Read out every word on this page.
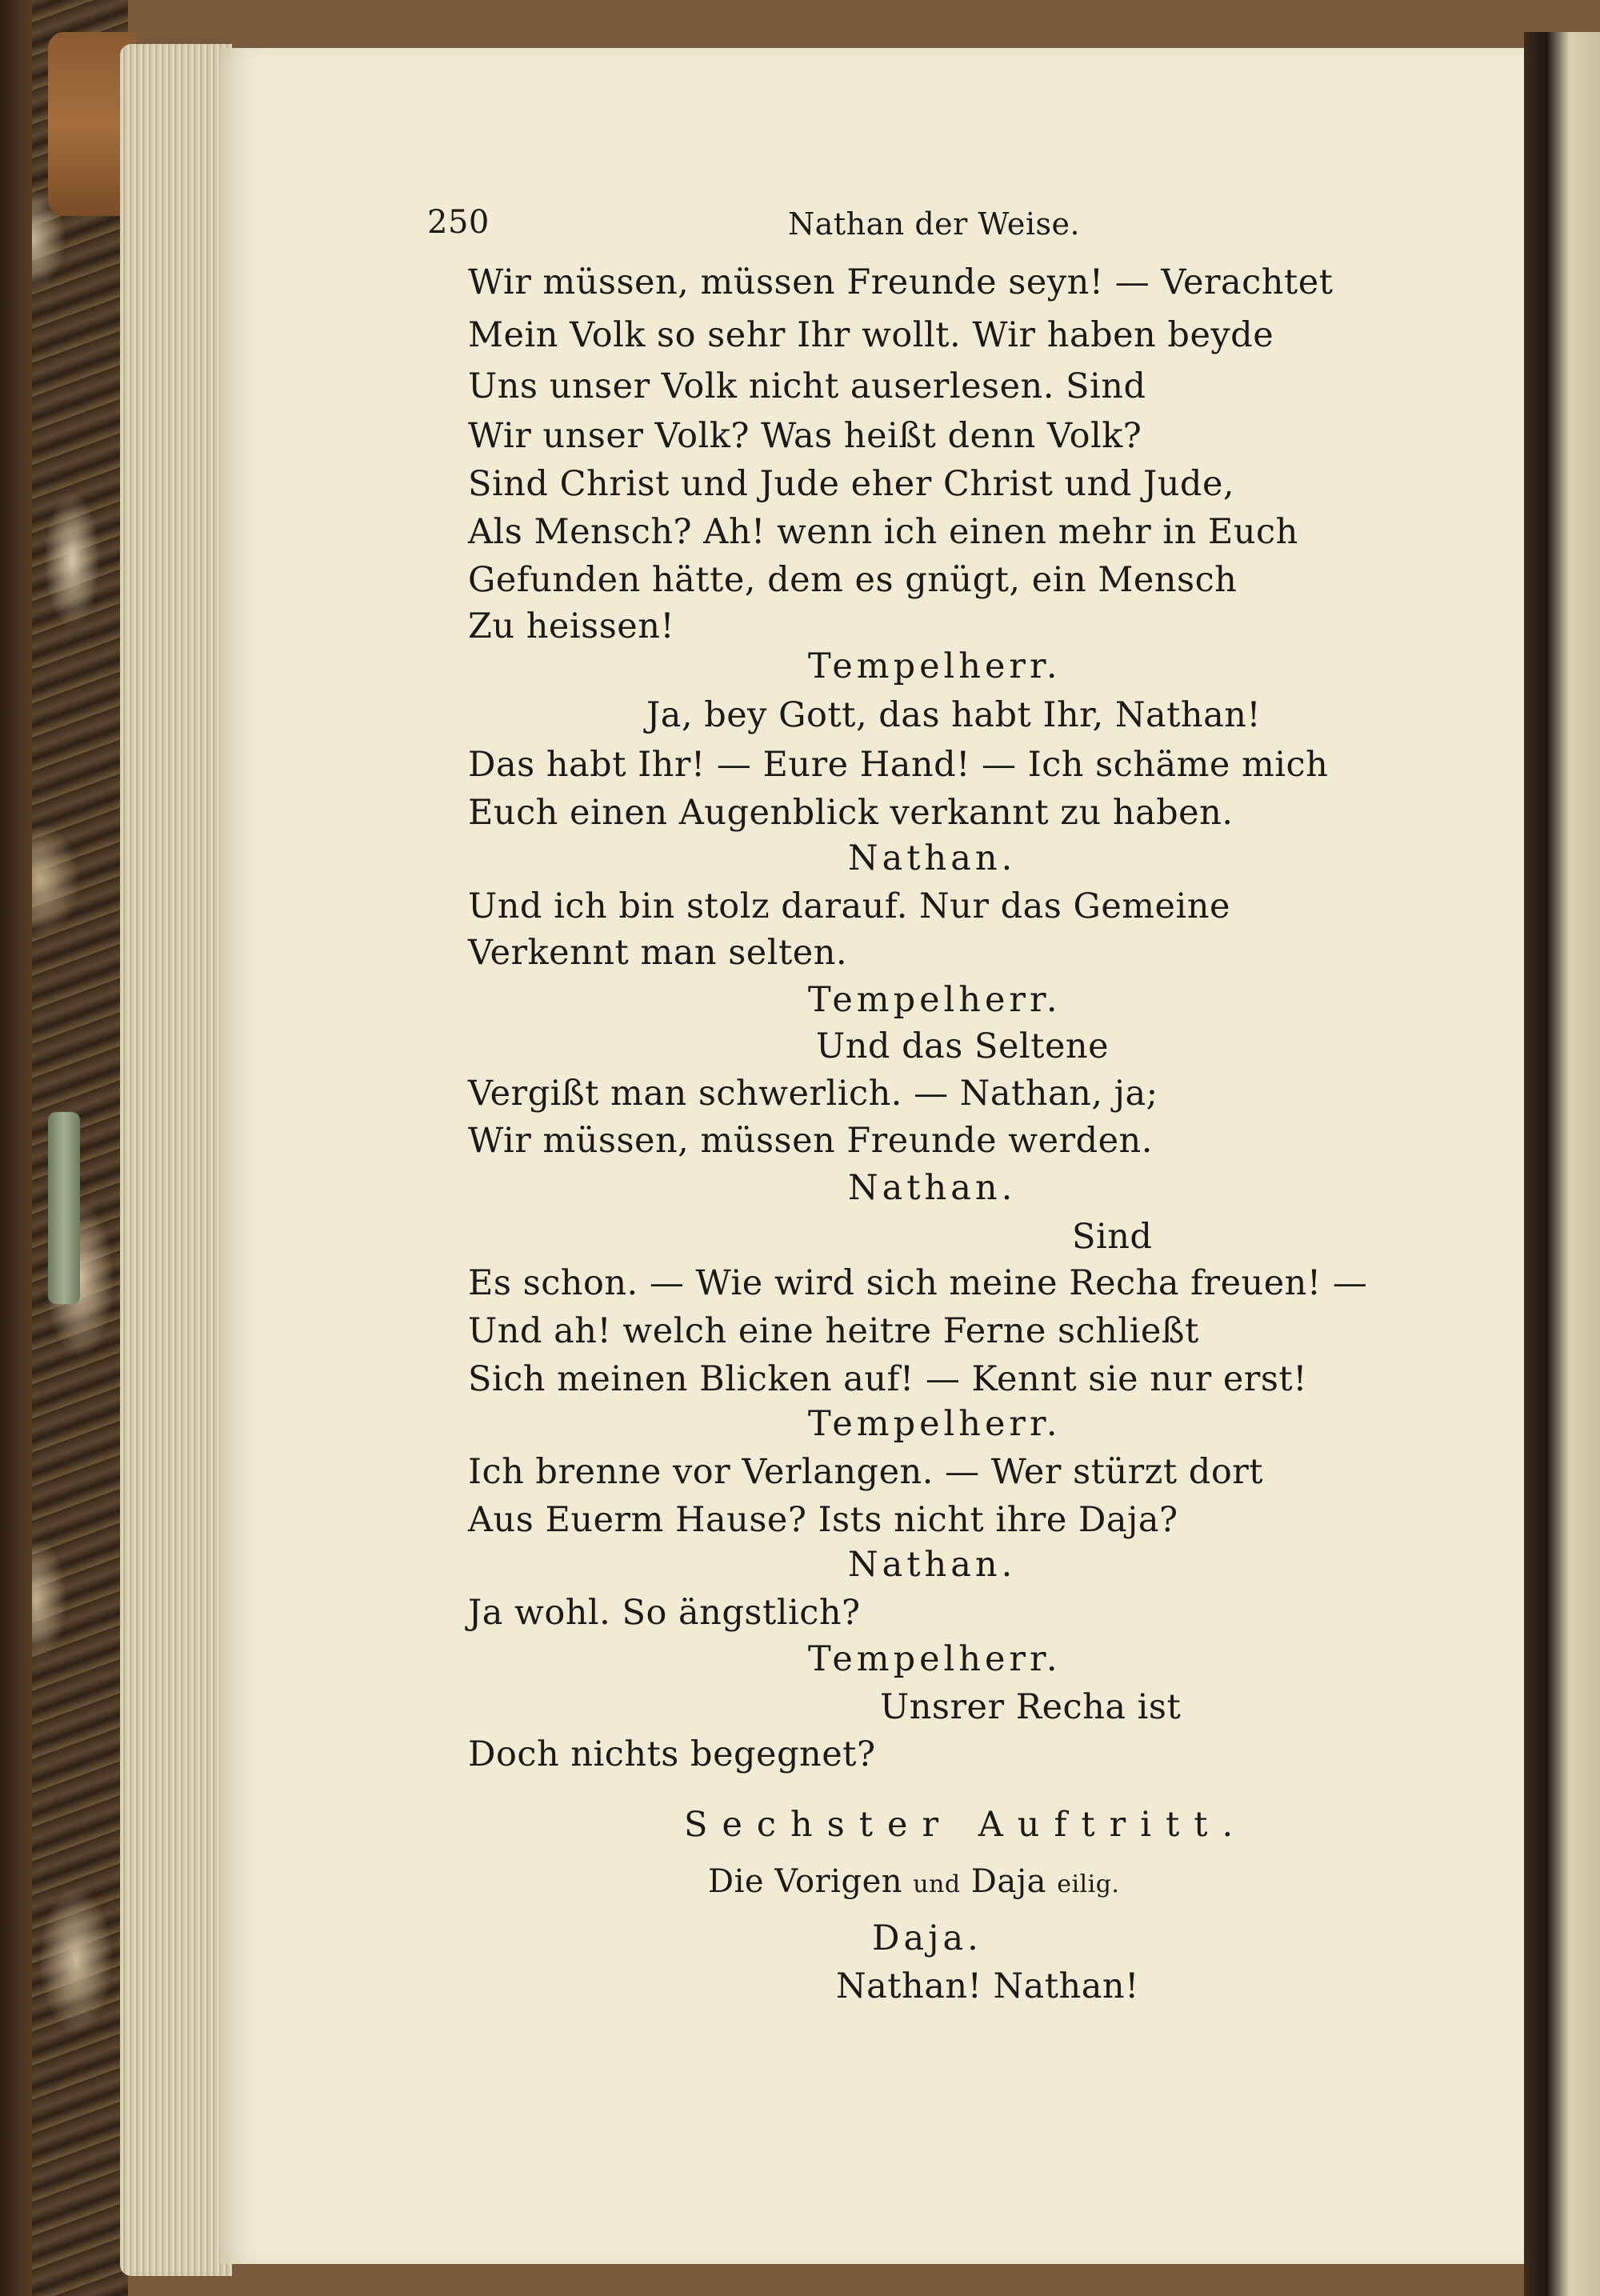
250	Nathan der Weise.
Wir müssen, müssen Freunde seyn! — Verachtet
Mein Volk so sehr Ihr wollt. Wir haben beyde
Uns unser Volk nicht auserlesen. Sind
Wir unser Volk? Was heißt denn Volk?
Sind Christ und Jude eher Christ und Jude,
Als Mensch? Ah! wenn ich einen mehr in Euch
Gefunden hätte, dem es gnügt, ein Mensch
Zu heissen!
Tempelherr.
Ja, bey Gott, das habt Ihr, Nathan!
Das habt Ihr! — Eure Hand! — Ich schäme mich
Euch einen Augenblick verkannt zu haben.
Nathan.
Und ich bin stolz darauf. Nur das Gemeine
Verkennt man selten.
Tempelherr.
Und das Seltene
Vergißt man schwerlich. — Nathan, ja;
Wir müssen, müssen Freunde werden.
Nathan.
Sind
Es schon. — Wie wird sich meine Recha freuen! —
Und ah! welch eine heitre Ferne schließt
Sich meinen Blicken auf! — Kennt sie nur erst!
Tempelherr.
Ich brenne vor Verlangen. — Wer stürzt dort
Aus Euerm Hause? Ists nicht ihre Daja?
Nathan.
Ja wohl. So ängstlich?
Tempelherr.
Unsrer Recha ist
Doch nichts begegnet?
Sechster Auftritt.
Die Vorigen und Daja eilig.
Daja.
Nathan! Nathan!
